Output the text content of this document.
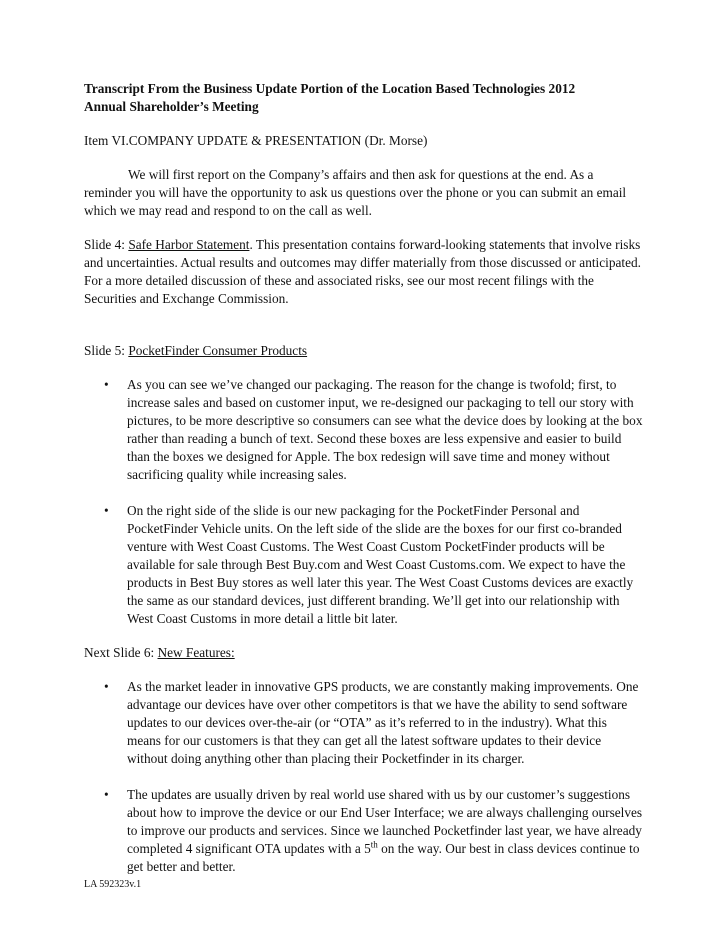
Transcript From the Business Update Portion of the Location Based Technologies 2012
Annual Shareholder’s Meeting

Item VI.COMPANY UPDATE & PRESENTATION (Dr. Morse)

We will first report on the Company’s affairs and then ask for questions at the end. As a reminder you will have the opportunity to ask us questions over the phone or you can submit an email which we may read and respond to on the call as well.

Slide 4: Safe Harbor Statement. This presentation contains forward-looking statements that involve risks and uncertainties. Actual results and outcomes may differ materially from those discussed or anticipated. For a more detailed discussion of these and associated risks, see our most recent filings with the Securities and Exchange Commission.

Slide 5: PocketFinder Consumer Products

• As you can see we’ve changed our packaging. The reason for the change is twofold; first, to increase sales and based on customer input, we re-designed our packaging to tell our story with pictures, to be more descriptive so consumers can see what the device does by looking at the box rather than reading a bunch of text. Second these boxes are less expensive and easier to build than the boxes we designed for Apple. The box redesign will save time and money without sacrificing quality while increasing sales.
• On the right side of the slide is our new packaging for the PocketFinder Personal and PocketFinder Vehicle units. On the left side of the slide are the boxes for our first co-branded venture with West Coast Customs. The West Coast Custom PocketFinder products will be available for sale through Best Buy.com and West Coast Customs.com. We expect to have the products in Best Buy stores as well later this year. The West Coast Customs devices are exactly the same as our standard devices, just different branding. We’ll get into our relationship with West Coast Customs in more detail a little bit later.

Next Slide 6: New Features:

• As the market leader in innovative GPS products, we are constantly making improvements. One advantage our devices have over other competitors is that we have the ability to send software updates to our devices over-the-air (or “OTA” as it’s referred to in the industry). What this means for our customers is that they can get all the latest software updates to their device without doing anything other than placing their Pocketfinder in its charger.
• The updates are usually driven by real world use shared with us by our customer’s suggestions about how to improve the device or our End User Interface; we are always challenging ourselves to improve our products and services. Since we launched Pocketfinder last year, we have already completed 4 significant OTA updates with a 5th on the way. Our best in class devices continue to get better and better.
LA 592323v.1
